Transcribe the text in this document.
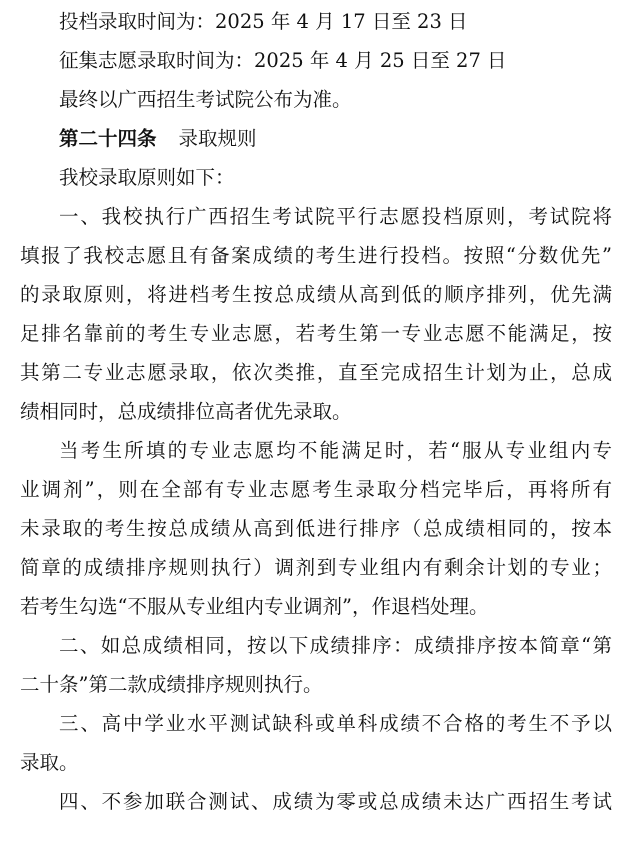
投档录取时间为：2025 年 4 月 17 日至 23 日
征集志愿录取时间为：2025 年 4 月 25 日至 27 日
最终以广西招生考试院公布为准。
第二十四条 录取规则
我校录取原则如下：
一、我校执行广西招生考试院平行志愿投档原则，考试院将
填报了我校志愿且有备案成绩的考生进行投档。按照“分数优先”
的录取原则，将进档考生按总成绩从高到低的顺序排列，优先满
足排名靠前的考生专业志愿，若考生第一专业志愿不能满足，按
其第二专业志愿录取，依次类推，直至完成招生计划为止，总成
绩相同时，总成绩排位高者优先录取。
当考生所填的专业志愿均不能满足时，若“服从专业组内专
业调剂”，则在全部有专业志愿考生录取分档完毕后，再将所有
未录取的考生按总成绩从高到低进行排序（总成绩相同的，按本
简章的成绩排序规则执行）调剂到专业组内有剩余计划的专业；
若考生勾选“不服从专业组内专业调剂”，作退档处理。
二、如总成绩相同，按以下成绩排序：成绩排序按本简章“第
二十条”第二款成绩排序规则执行。
三、高中学业水平测试缺科或单科成绩不合格的考生不予以
录取。
四、不参加联合测试、成绩为零或总成绩未达广西招生考试
